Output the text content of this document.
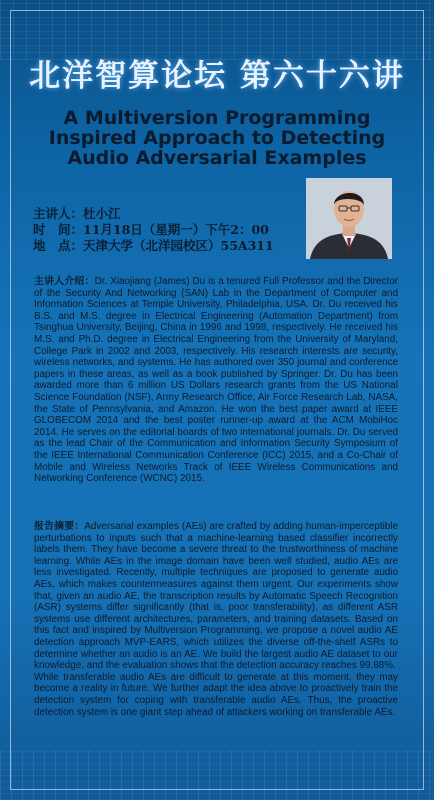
北洋智算论坛 第六十六讲
A Multiversion Programming Inspired Approach to Detecting Audio Adversarial Examples
主讲人：杜小江
时　间：11月18日（星期一）下午2：00
地　点：天津大学（北洋园校区）55A311

主讲人介绍：Dr. Xiaojiang (James) Du is a tenured Full Professor and the Director of the Security And Networking (SAN) Lab in the Department of Computer and Information Sciences at Temple University, Philadelphia, USA. Dr. Du received his B.S. and M.S. degree in Electrical Engineering (Automation Department) from Tsinghua University, Beijing, China in 1996 and 1998, respectively. He received his M.S. and Ph.D. degree in Electrical Engineering from the University of Maryland, College Park in 2002 and 2003, respectively. His research interests are security, wireless networks, and systems. He has authored over 350 journal and conference papers in these areas, as well as a book published by Springer. Dr. Du has been awarded more than 6 million US Dollars research grants from the US National Science Foundation (NSF), Army Research Office, Air Force Research Lab, NASA, the State of Pennsylvania, and Amazon. He won the best paper award at IEEE GLOBECOM 2014 and the best poster runner-up award at the ACM MobiHoc 2014. He serves on the editorial boards of two international journals. Dr. Du served as the lead Chair of the Communication and Information Security Symposium of the IEEE International Communication Conference (ICC) 2015, and a Co-Chair of Mobile and Wireless Networks Track of IEEE Wireless Communications and Networking Conference (WCNC) 2015.

报告摘要：Adversarial examples (AEs) are crafted by adding human-imperceptible perturbations to inputs such that a machine-learning based classifier incorrectly labels them. They have become a severe threat to the trustworthiness of machine learning. While AEs in the image domain have been well studied, audio AEs are less investigated. Recently, multiple techniques are proposed to generate audio AEs, which makes countermeasures against them urgent. Our experiments show that, given an audio AE, the transcription results by Automatic Speech Recognition (ASR) systems differ significantly (that is, poor transferability), as different ASR systems use different architectures, parameters, and training datasets. Based on this fact and inspired by Multiversion Programming, we propose a novel audio AE detection approach MVP-EARS, which utilizes the diverse off-the-shelf ASRs to determine whether an audio is an AE. We build the largest audio AE dataset to our knowledge, and the evaluation shows that the detection accuracy reaches 99.88%.

While transferable audio AEs are difficult to generate at this moment, they may become a reality in future. We further adapt the idea above to proactively train the detection system for coping with transferable audio AEs. Thus, the proactive detection system is one giant step ahead of attackers working on transferable AEs.
